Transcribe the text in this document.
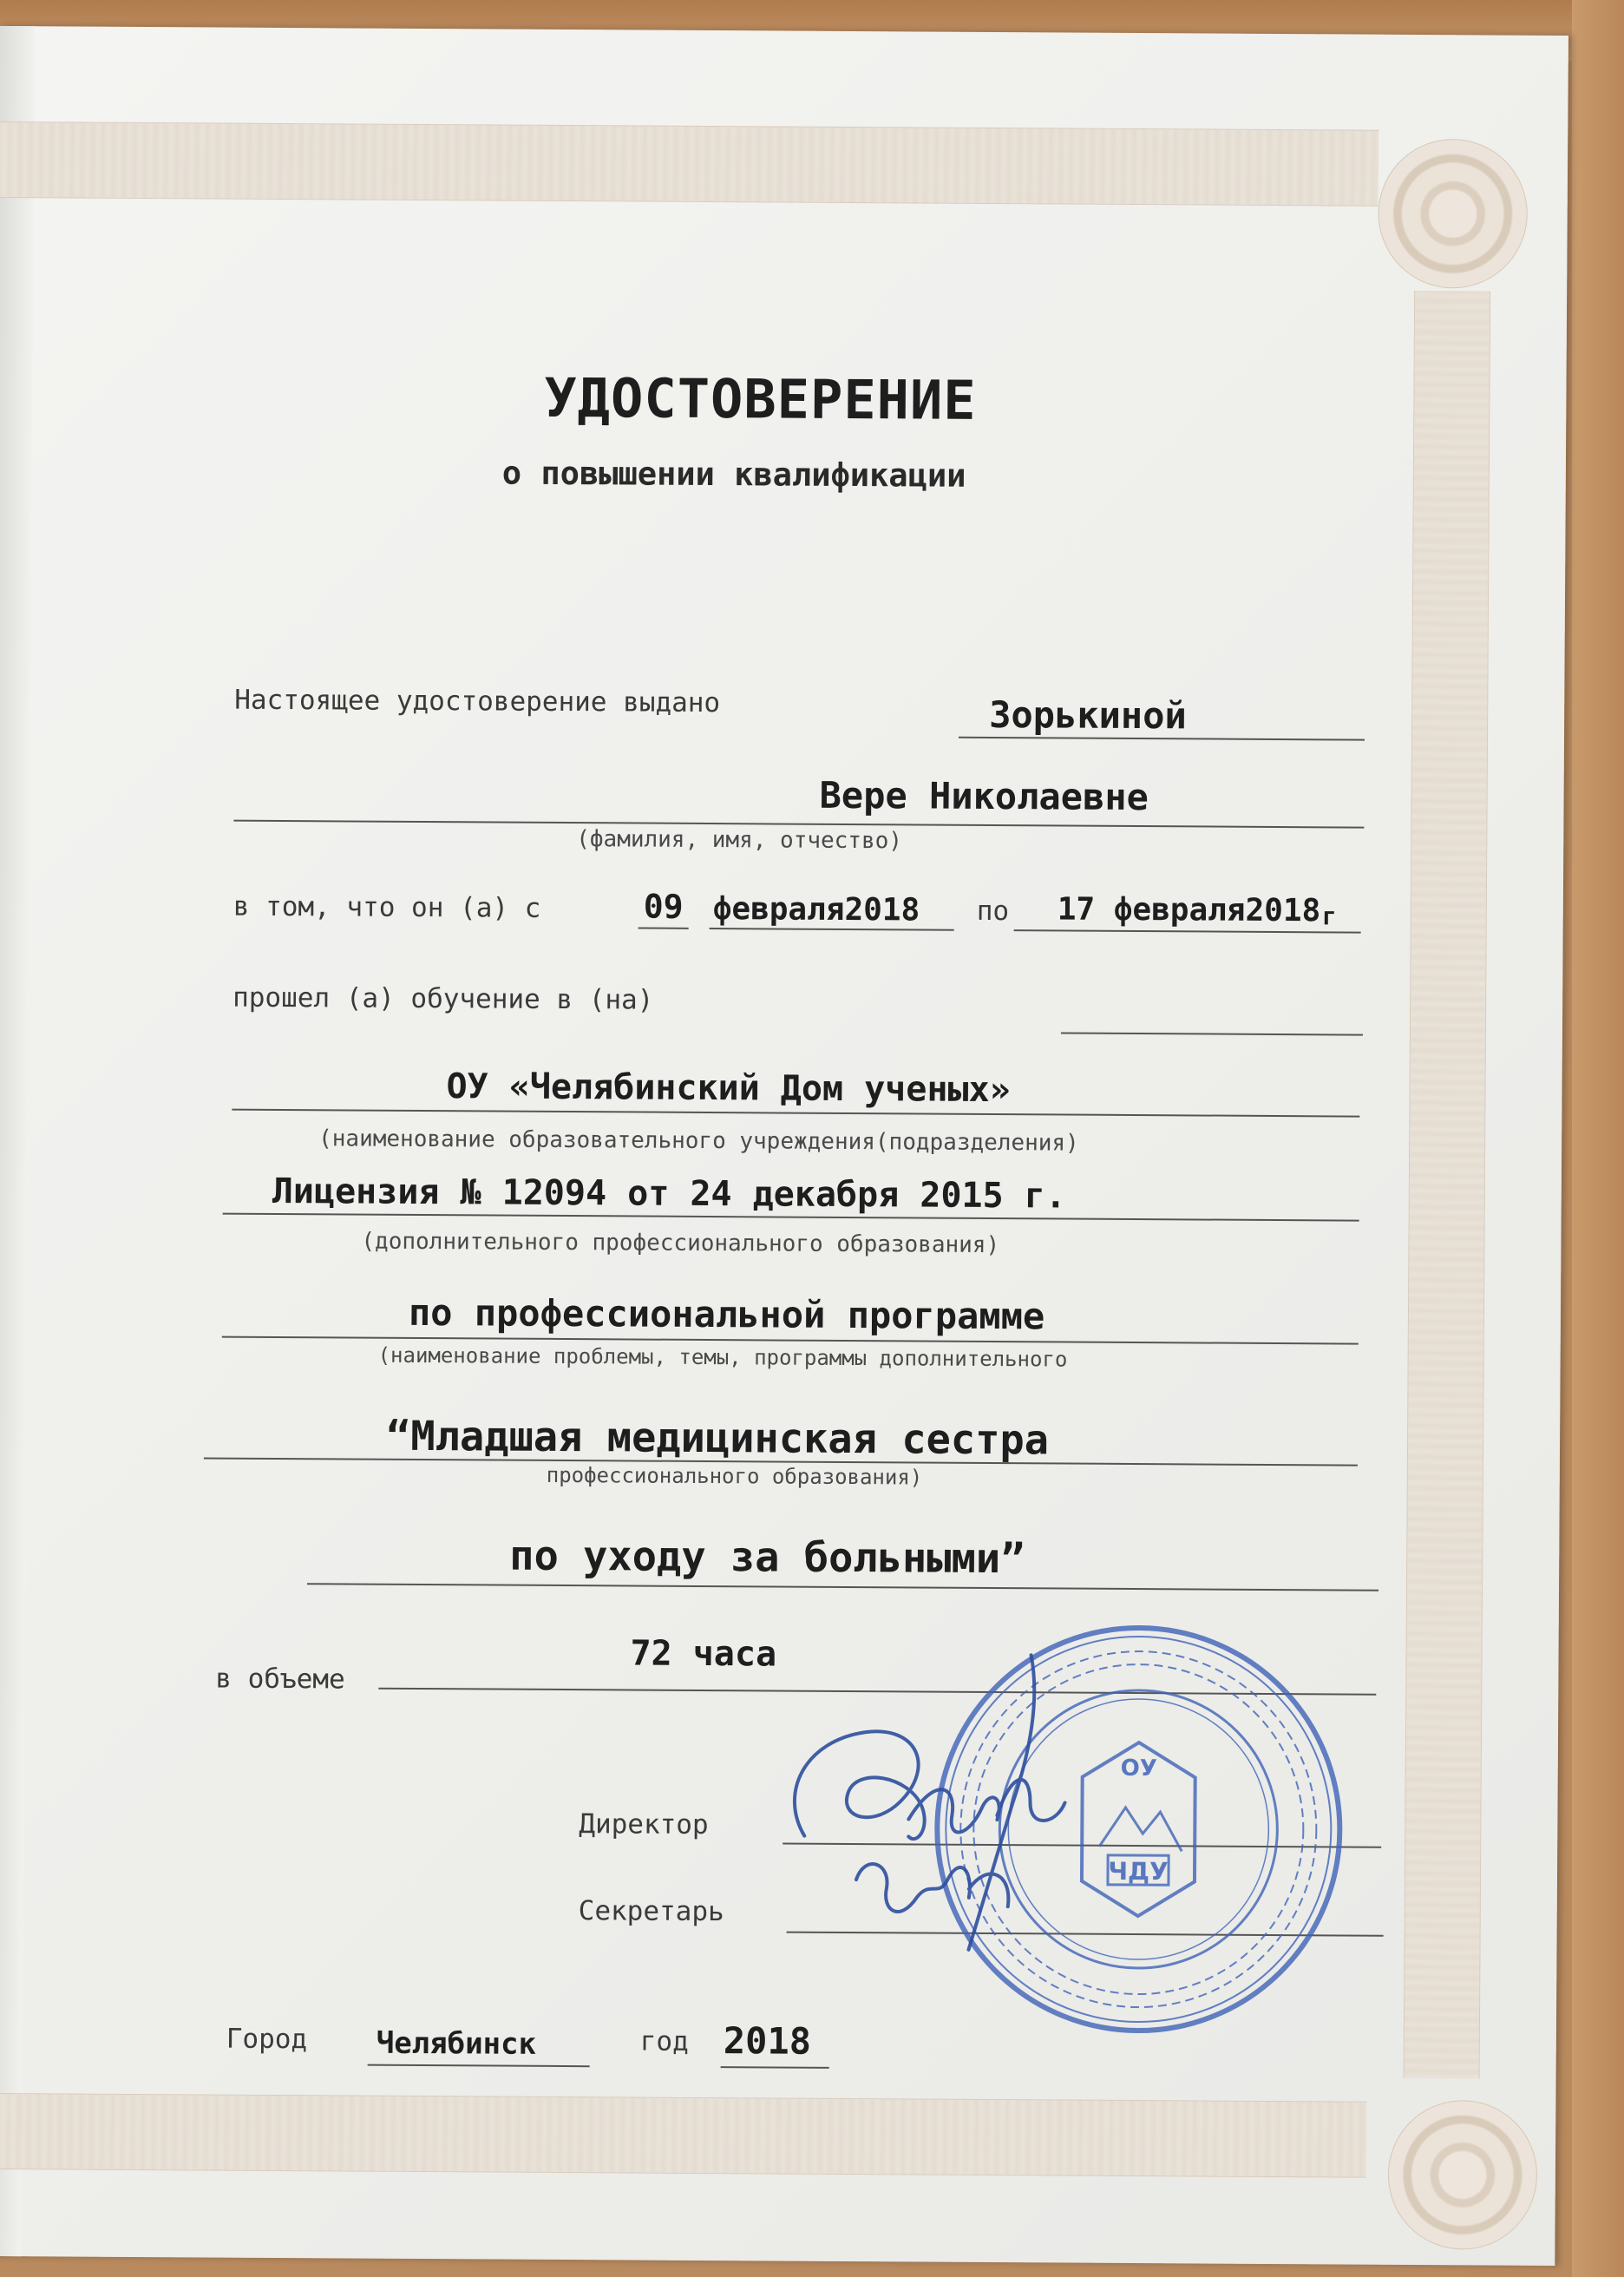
УДОСТОВЕРЕНИЕ
о повышении квалификации
Настоящее удостоверение выдано	Зорькиной
Вере Николаевне
(фамилия, имя, отчество)
в том, что он (а) с	09 февраля2018 по 17 февраля2018 г
прошел (а) обучение в (на)
ОУ «Челябинский Дом ученых»
(наименование образовательного учреждения(подразделения)
Лицензия № 12094 от 24 декабря 2015 г.
(дополнительного профессионального образования)
по профессиональной программе
(наименование проблемы, темы, программы дополнительного
“Младшая медицинская сестра
профессионального образования)
по уходу за больными”
в объеме
72 часа
Директор
Секретарь
Город Челябинск	год 2018
ОУ
ЧДУ
